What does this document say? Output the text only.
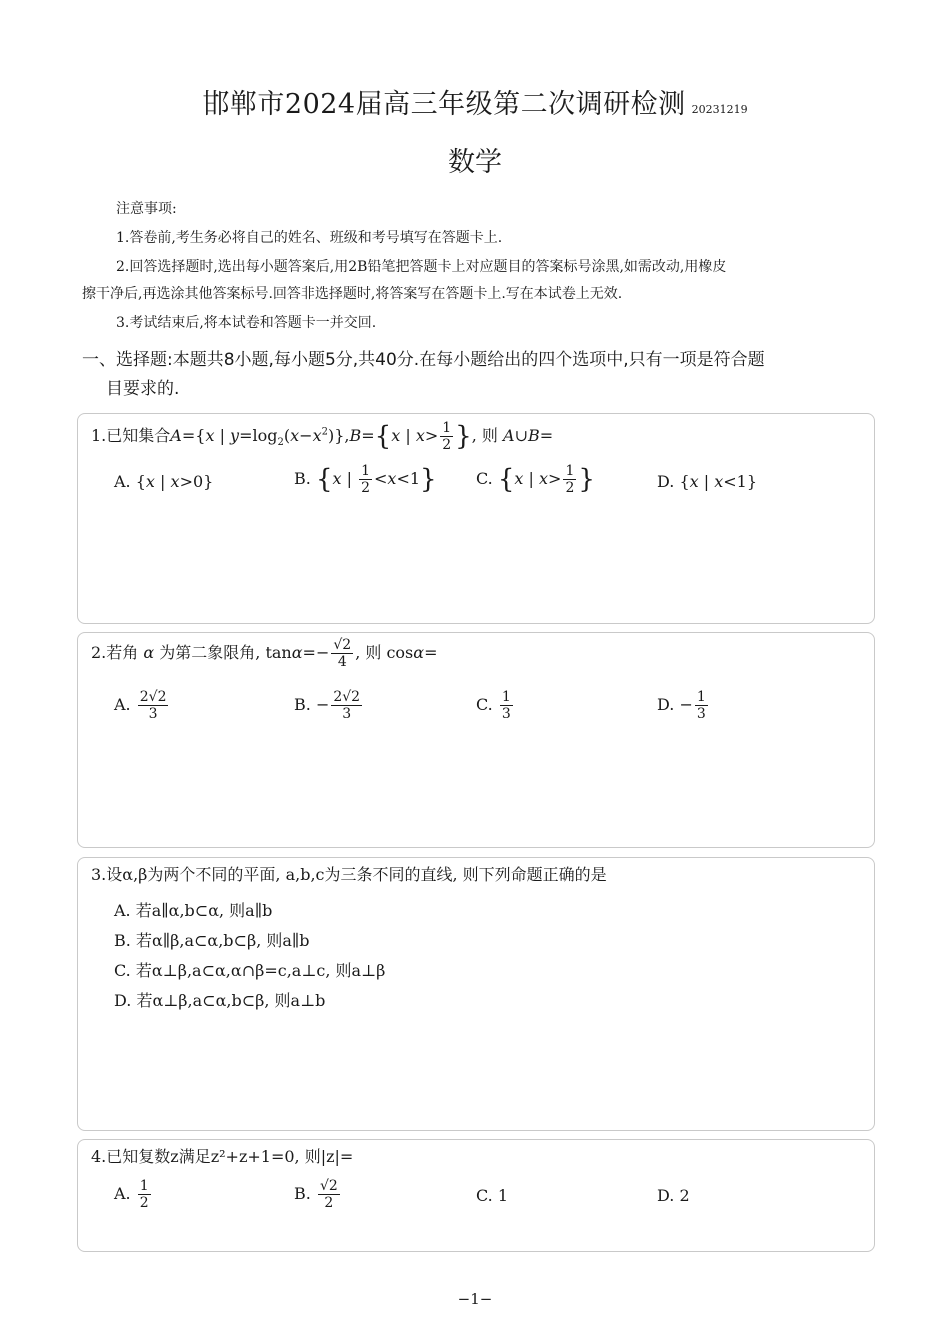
邯郸市2024届高三年级第二次调研检测 20231219
数学
注意事项:
1.答卷前,考生务必将自己的姓名、班级和考号填写在答题卡上.
2.回答选择题时,选出每小题答案后,用2B铅笔把答题卡上对应题目的答案标号涂黑,如需改动,用橡皮
擦干净后,再选涂其他答案标号.回答非选择题时,将答案写在答题卡上.写在本试卷上无效.
3.考试结束后,将本试卷和答题卡一并交回.
一、选择题:本题共8小题,每小题5分,共40分.在每小题给出的四个选项中,只有一项是符合题
目要求的.
1.已知集合A={x | $y=\log_2(x-x^2)\},B=\{x$ | $x> \frac{1}{2}$ }, 则 A∪B=
A. {x | x>0}	B. {x | $\frac{1}{2} <x<1$} C. {x | $x> \frac{1}{2}$ }	D. {x | x<1}
2.若角 α 为第二象限角, $\tan\alpha=- \frac{√2}{4}$ , 则 cosα=
A. $\frac{2√2}{3}$	B. − $\frac{2√2}{3}$	C. $\frac{1}{3}$	D. − $\frac{1}{3}$
3.设α,β为两个不同的平面, a,b,c为三条不同的直线, 则下列命题正确的是
A. 若a∥α,b⊂α, 则a∥b
B. 若α∥β,a⊂α,b⊂β, 则a∥b
C. 若α⊥β,a⊂α,α∩β=c,a⊥c, 则a⊥β
D. 若α⊥β,a⊂α,b⊂β, 则a⊥b
4.已知复数z满足z²+z+1=0, 则|z|=
A. $\frac{1}{2}$	B. $\frac{√2}{2}$	C. 1	D. 2
−1−
